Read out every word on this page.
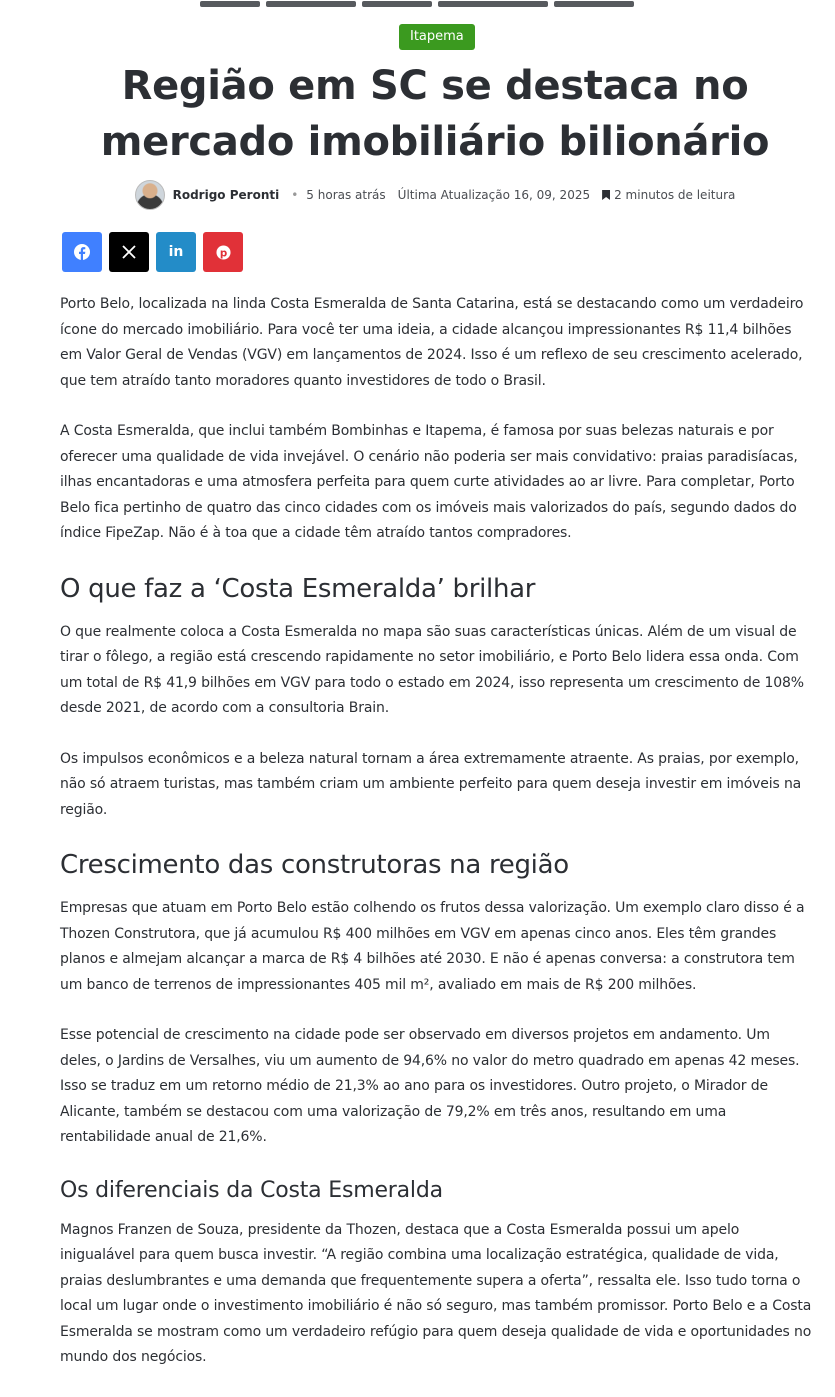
Itapema
Região em SC se destaca no mercado imobiliário bilionário
Rodrigo Peronti • 5 horas atrás Última Atualização 16, 09, 2025 2 minutos de leitura
in	p

Porto Belo, localizada na linda Costa Esmeralda de Santa Catarina, está se destacando como um verdadeiro ícone do mercado imobiliário. Para você ter uma ideia, a cidade alcançou impressionantes R$ 11,4 bilhões em Valor Geral de Vendas (VGV) em lançamentos de 2024. Isso é um reflexo de seu crescimento acelerado, que tem atraído tanto moradores quanto investidores de todo o Brasil.

A Costa Esmeralda, que inclui também Bombinhas e Itapema, é famosa por suas belezas naturais e por oferecer uma qualidade de vida invejável. O cenário não poderia ser mais convidativo: praias paradisíacas, ilhas encantadoras e uma atmosfera perfeita para quem curte atividades ao ar livre. Para completar, Porto Belo fica pertinho de quatro das cinco cidades com os imóveis mais valorizados do país, segundo dados do índice FipeZap. Não é à toa que a cidade têm atraído tantos compradores.

O que faz a ‘Costa Esmeralda’ brilhar

O que realmente coloca a Costa Esmeralda no mapa são suas características únicas. Além de um visual de tirar o fôlego, a região está crescendo rapidamente no setor imobiliário, e Porto Belo lidera essa onda. Com um total de R$ 41,9 bilhões em VGV para todo o estado em 2024, isso representa um crescimento de 108% desde 2021, de acordo com a consultoria Brain.

Os impulsos econômicos e a beleza natural tornam a área extremamente atraente. As praias, por exemplo, não só atraem turistas, mas também criam um ambiente perfeito para quem deseja investir em imóveis na região.

Crescimento das construtoras na região

Empresas que atuam em Porto Belo estão colhendo os frutos dessa valorização. Um exemplo claro disso é a Thozen Construtora, que já acumulou R$ 400 milhões em VGV em apenas cinco anos. Eles têm grandes planos e almejam alcançar a marca de R$ 4 bilhões até 2030. E não é apenas conversa: a construtora tem um banco de terrenos de impressionantes 405 mil m², avaliado em mais de R$ 200 milhões.

Esse potencial de crescimento na cidade pode ser observado em diversos projetos em andamento. Um deles, o Jardins de Versalhes, viu um aumento de 94,6% no valor do metro quadrado em apenas 42 meses. Isso se traduz em um retorno médio de 21,3% ao ano para os investidores. Outro projeto, o Mirador de Alicante, também se destacou com uma valorização de 79,2% em três anos, resultando em uma rentabilidade anual de 21,6%.

Os diferenciais da Costa Esmeralda

Magnos Franzen de Souza, presidente da Thozen, destaca que a Costa Esmeralda possui um apelo inigualável para quem busca investir. “A região combina uma localização estratégica, qualidade de vida, praias deslumbrantes e uma demanda que frequentemente supera a oferta”, ressalta ele. Isso tudo torna o local um lugar onde o investimento imobiliário é não só seguro, mas também promissor. Porto Belo e a Costa Esmeralda se mostram como um verdadeiro refúgio para quem deseja qualidade de vida e oportunidades no mundo dos negócios.
